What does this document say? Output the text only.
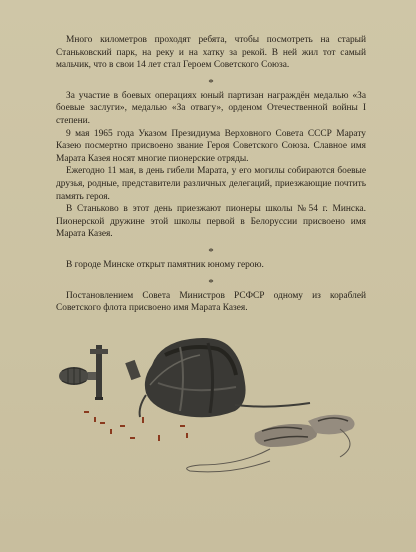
Много километров проходят ребята, чтобы посмотреть на старый Станьковский парк, на реку и на хатку за рекой. В ней жил тот самый мальчик, что в свои 14 лет стал Героем Советского Союза.

*

За участие в боевых операциях юный партизан награждён медалью «За боевые заслуги», медалью «За отвагу», орденом Отечественной войны I степени.

9 мая 1965 года Указом Президиума Верховного Совета СССР Марату Казею посмертно присвоено звание Героя Советского Союза. Славное имя Марата Казея носят многие пионерские отряды.

Ежегодно 11 мая, в день гибели Марата, у его могилы собираются боевые друзья, родные, представители различных делегаций, приезжающие почтить память героя.

В Станьково в этот день приезжают пионеры школы №54 г. Минска. Пионерской дружине этой школы первой в Белоруссии присвоено имя Марата Казея.

*

В городе Минске открыт памятник юному герою.

*

Постановлением Совета Министров РСФСР одному из кораблей Советского флота присвоено имя Марата Казея.
